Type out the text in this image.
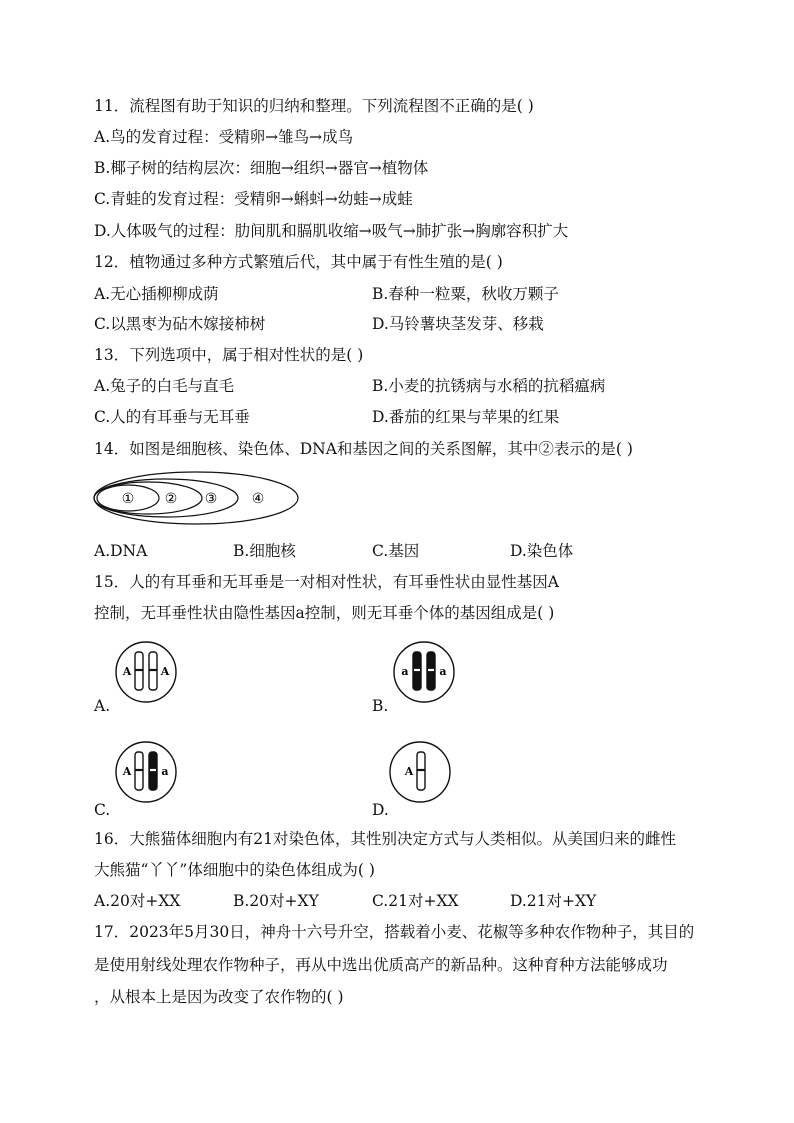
11．流程图有助于知识的归纳和整理。下列流程图不正确的是( )
A.鸟的发育过程：受精卵→雏鸟→成鸟
B.椰子树的结构层次：细胞→组织→器官→植物体
C.青蛙的发育过程：受精卵→蝌蚪→幼蛙→成蛙
D.人体吸气的过程：肋间肌和膈肌收缩→吸气→肺扩张→胸廓容积扩大
12．植物通过多种方式繁殖后代，其中属于有性生殖的是( )
A.无心插柳柳成荫	B.春种一粒粟，秋收万颗子
C.以黑枣为砧木嫁接柿树	D.马铃薯块茎发芽、移栽
13．下列选项中，属于相对性状的是( )
A.兔子的白毛与直毛	B.小麦的抗锈病与水稻的抗稻瘟病
C.人的有耳垂与无耳垂	D.番茄的红果与苹果的红果
14．如图是细胞核、染色体、DNA和基因之间的关系图解，其中②表示的是( )
① ② ③ ④
A.DNA	B.细胞核	C.基因	D.染色体
15．人的有耳垂和无耳垂是一对相对性状，有耳垂性状由显性基因A
控制，无耳垂性状由隐性基因a控制，则无耳垂个体的基因组成是( )
A	A
A.
a	a
B.
A	a
C.
A
D.
16．大熊猫体细胞内有21对染色体，其性别决定方式与人类相似。从美国归来的雌性
大熊猫“丫丫”体细胞中的染色体组成为( )
A.20对+XX	B.20对+XY	C.21对+XX	D.21对+XY
17．2023年5月30日，神舟十六号升空，搭载着小麦、花椒等多种农作物种子，其目的
是使用射线处理农作物种子，再从中选出优质高产的新品种。这种育种方法能够成功
，从根本上是因为改变了农作物的( )
